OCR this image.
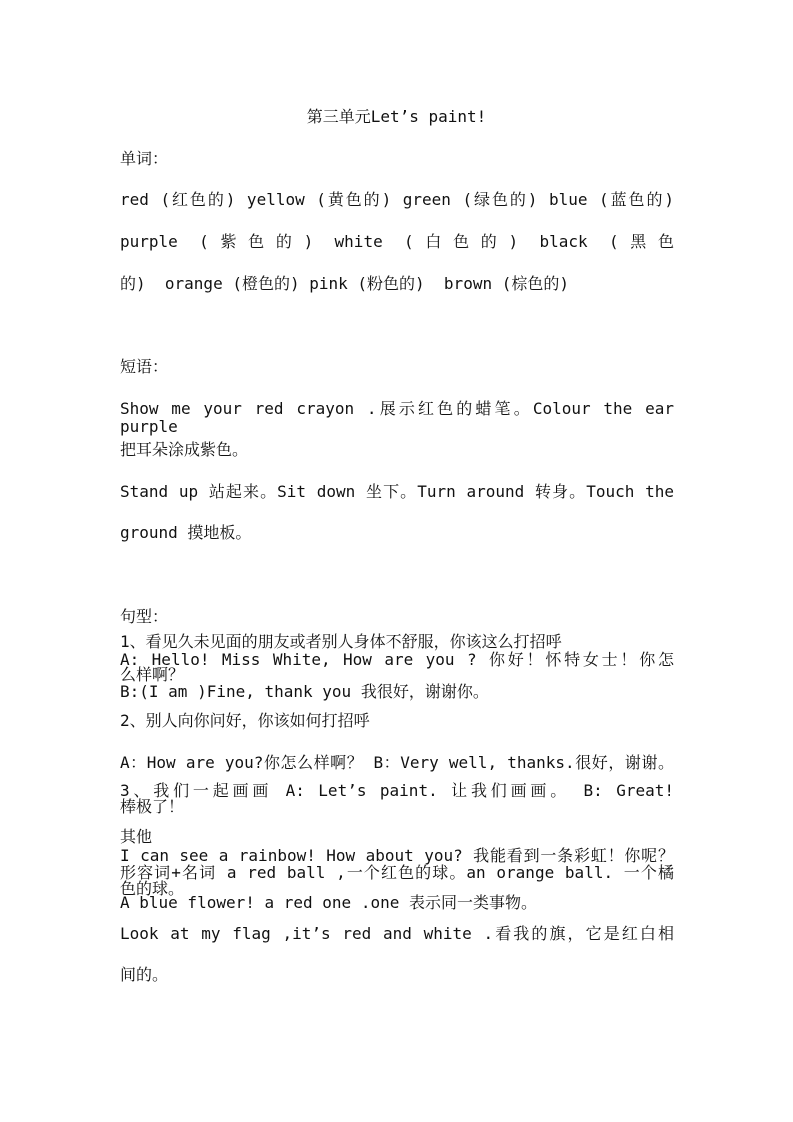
第三单元Let’s paint!
单词：
red (红色的) yellow (黄色的) green (绿色的) blue (蓝色的)
purple (紫色的) white (白色的) black (黑色
的)  orange (橙色的) pink (粉色的)  brown (棕色的)
短语：
Show me your red crayon .展示红色的蜡笔。Colour the ear purple
把耳朵涂成紫色。
Stand up 站起来。Sit down 坐下。Turn around 转身。Touch the
ground 摸地板。
句型：
1、看见久未见面的朋友或者别人身体不舒服，你该这么打招呼
A: Hello! Miss White, How are you ? 你好！怀特女士！你怎
么样啊？
B:(I am )Fine, thank you 我很好，谢谢你。
2、别人向你问好，你该如何打招呼
A：How are you?你怎么样啊？ B：Very well, thanks.很好，谢谢。
3、我们一起画画 A: Let’s paint. 让我们画画。 B: Great!
棒极了！
其他
I can see a rainbow! How about you? 我能看到一条彩虹！你呢？
形容词+名词 a red ball ,一个红色的球。an orange ball. 一个橘
色的球。
A blue flower! a red one .one 表示同一类事物。
Look at my flag ,it’s red and white .看我的旗，它是红白相
间的。
